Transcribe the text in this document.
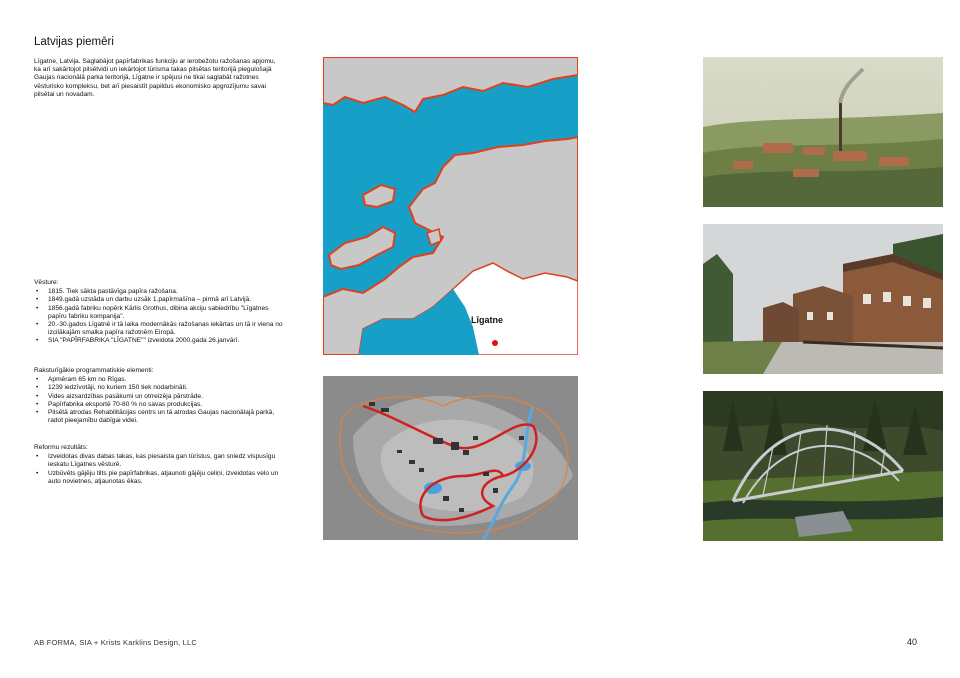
Latvijas piemēri
Līgatne, Latvija. Saglabājot papīrfabrikas funkciju ar ierobežotu ražošanas apjomu, ka arī sakārtojot pilsētvidi un iekārtojot tūrisma takas pilsētas teritorijā piegulošajā Gaujas nacionālā parka teritorijā, Līgatne ir spējusi ne tikai saglabāt ražotnes vēsturisko kompleksu, bet arī piesaistīt papildus ekonomisko apgrozījumu savai pilsētai un novadam.
Vēsture:
• 1815. Tiek sākta pastāvīga papīra ražošana.
• 1849.gadā uzstāda un darbu uzsāk 1.papīrmašīna – pirmā arī Latvijā.
• 1856.gadā fabriku nopērk Kārlis Grothus, dibina akciju sabiedrību "Līgatnes papīru fabriku kompanija".
• 20.-30.gados Līgatnē ir tā laika modernākās ražošanas iekārtas un tā ir viena no izcilākajām smalka papīra ražotnēm Eiropā.
• SIA "PAPĪRFABRIKA "LĪGATNE"" izveidota 2000.gada 26.janvārī.
Raksturīgākie programmatiskie elementi:
• Apmēram 65 km no Rīgas.
• 1239 iedzīvotāji, no kuriem 150 tiek nodarbināti.
• Vides aizsardzības pasākumi un otrreizēja pārstrāde.
• Papīrfabrika eksportē 70-80 % no savas produkcijas.
• Pilsētā atrodas Rehabilitācijas centrs un tā atrodas Gaujas nacionālajā parkā, radot pieejamību dabīgai videi.
Reformu rezultāts:
• Izveidotas divas dabas takas, kas piesaista gan tūristus, gan sniedz vispusīgu ieskatu Līgatnes vēsturē.
• Uzbūvēts gājēju tilts pie papīrfabrikas, atjaunoti gājēju celiņi, izveidotas velo un auto novietnes, atjaunotas ēkas.
Līgatne
AB FORMA, SIA + Krists Karklins Design, LLC	40
